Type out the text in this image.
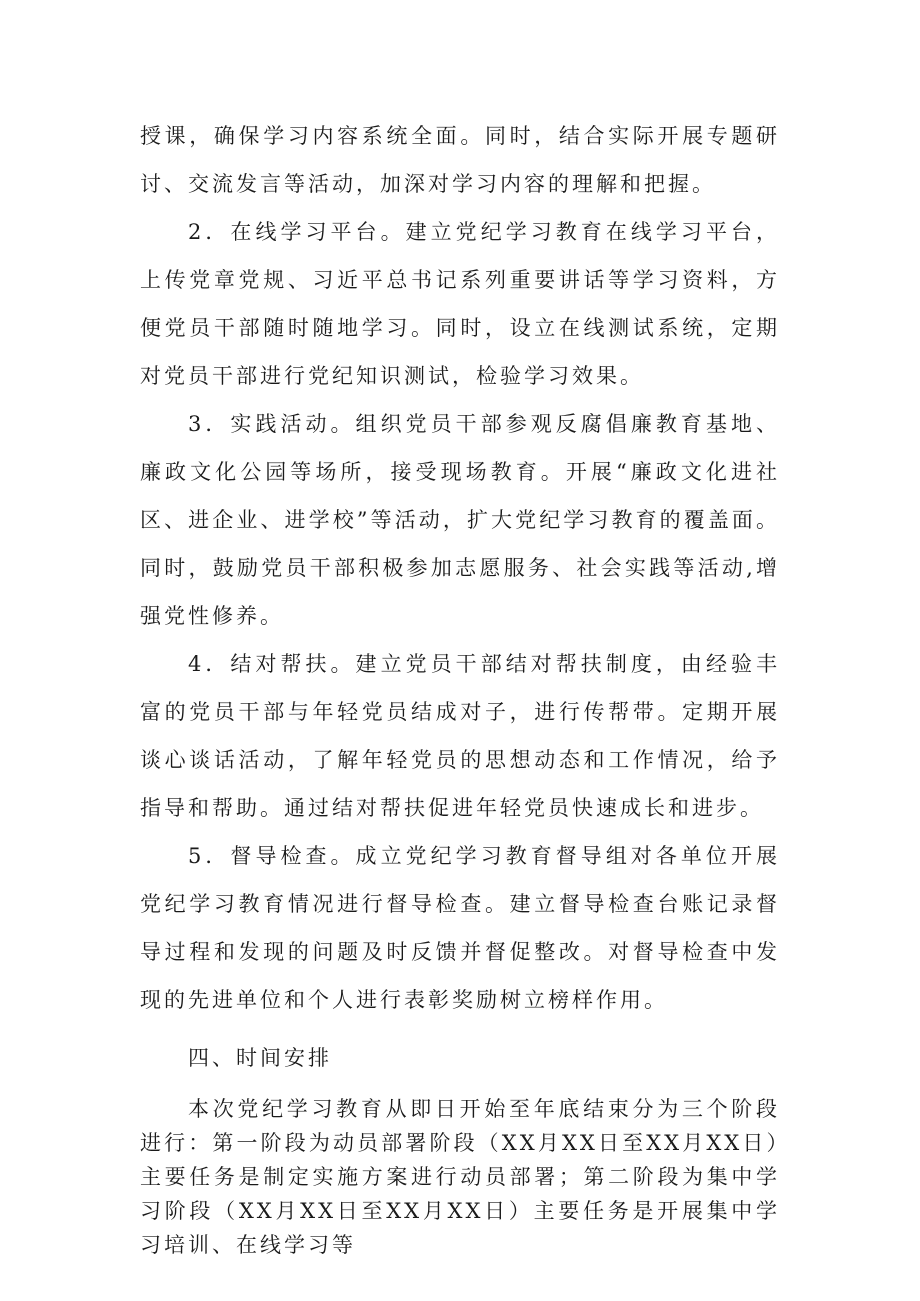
授课，确保学习内容系统全面。同时，结合实际开展专题研讨、交流发言等活动，加深对学习内容的理解和把握。

2．在线学习平台。建立党纪学习教育在线学习平台，上传党章党规、习近平总书记系列重要讲话等学习资料，方便党员干部随时随地学习。同时，设立在线测试系统，定期对党员干部进行党纪知识测试，检验学习效果。

3．实践活动。组织党员干部参观反腐倡廉教育基地、廉政文化公园等场所，接受现场教育。开展“廉政文化进社区、进企业、进学校”等活动，扩大党纪学习教育的覆盖面。同时，鼓励党员干部积极参加志愿服务、社会实践等活动,增强党性修养。

4．结对帮扶。建立党员干部结对帮扶制度，由经验丰富的党员干部与年轻党员结成对子，进行传帮带。定期开展谈心谈话活动，了解年轻党员的思想动态和工作情况，给予指导和帮助。通过结对帮扶促进年轻党员快速成长和进步。

5．督导检查。成立党纪学习教育督导组对各单位开展党纪学习教育情况进行督导检查。建立督导检查台账记录督导过程和发现的问题及时反馈并督促整改。对督导检查中发现的先进单位和个人进行表彰奖励树立榜样作用。

四、时间安排

本次党纪学习教育从即日开始至年底结束分为三个阶段进行：第一阶段为动员部署阶段（XX月XX日至XX月XX日）主要任务是制定实施方案进行动员部署；第二阶段为集中学习阶段（XX月XX日至XX月XX日）主要任务是开展集中学习培训、在线学习等
